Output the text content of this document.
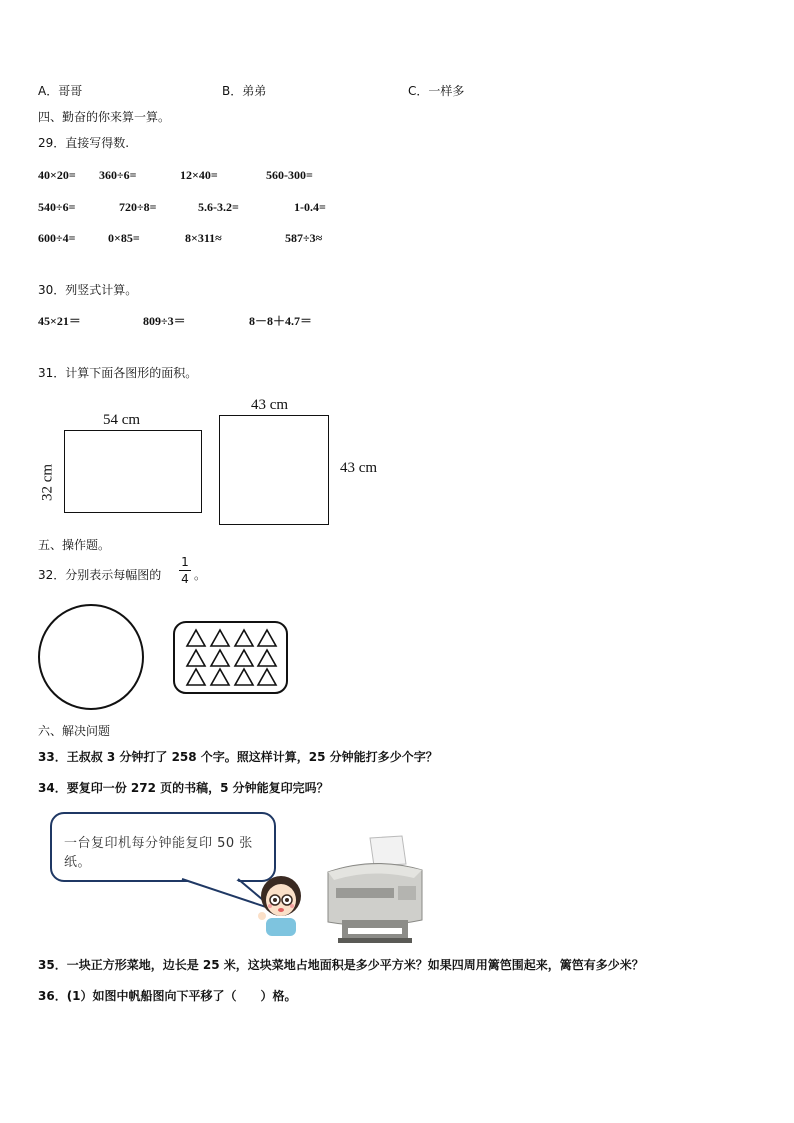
A．哥哥	B．弟弟	C．一样多
四、勤奋的你来算一算。
29．直接写得数.
40×20= 360÷6=	12×40=	560-300=
540÷6=	720÷8=	5.6-3.2=	1-0.4=
600÷4=	0×85=	8×311≈	587÷3≈
30．列竖式计算。
45×21＝	809÷3＝	8－8＋4.7＝
31．计算下面各图形的面积。
54 cm
32 cm
43 cm
43 cm
五、操作题。
32．分别表示每幅图的
1
4 。
六、解决问题
33．王叔叔 3 分钟打了 258 个字。照这样计算，25 分钟能打多少个字？
34．要复印一份 272 页的书稿，5 分钟能复印完吗？
一台复印机每分钟能复印 50 张纸。
35．一块正方形菜地，边长是 25 米，这块菜地占地面积是多少平方米？如果四周用篱笆围起来，篱笆有多少米？
36．(1）如图中帆船图向下平移了（　　）格。
